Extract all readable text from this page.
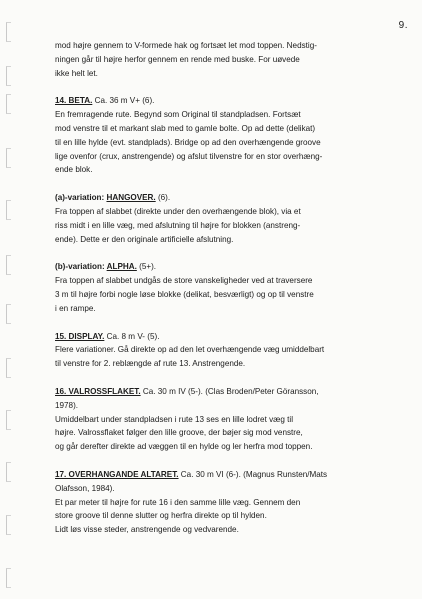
9.

mod højre gennem to V-formede hak og fortsæt let mod toppen. Nedstig-

ningen går til højre herfor gennem en rende med buske. For uøvede

ikke helt let.

14. BETA. Ca. 36 m V+ (6).

En fremragende rute. Begynd som Original til standpladsen. Fortsæt

mod venstre til et markant slab med to gamle bolte. Op ad dette (delikat)

til en lille hylde (evt. standplads). Bridge op ad den overhængende groove

lige ovenfor (crux, anstrengende) og afslut tilvenstre for en stor overhæng-

ende blok.

(a)-variation: HANGOVER. (6).

Fra toppen af slabbet (direkte under den overhængende blok), via et

riss midt i en lille væg, med afslutning til højre for blokken (anstreng-

ende). Dette er den originale artificielle afslutning.

(b)-variation: ALPHA. (5+).

Fra toppen af slabbet undgås de store vanskeligheder ved at traversere

3 m til højre forbi nogle løse blokke (delikat, besværligt) og op til venstre

i en rampe.

15. DISPLAY. Ca. 8 m V- (5).

Flere variationer. Gå direkte op ad den let overhængende væg umiddelbart

til venstre for 2. reblængde af rute 13. Anstrengende.

16. VALROSSFLAKET. Ca. 30 m IV (5-). (Clas Broden/Peter Göransson,

1978).

Umiddelbart under standpladsen i rute 13 ses en lille lodret væg til

højre. Valrossflaket følger den lille groove, der bøjer sig mod venstre,

og går derefter direkte ad væggen til en hylde og ler herfra mod toppen.

17. OVERHANGANDE ALTARET. Ca. 30 m VI (6-). (Magnus Runsten/Mats

Olafsson, 1984).

Et par meter til højre for rute 16 i den samme lille væg. Gennem den

store groove til denne slutter og herfra direkte op til hylden.

Lidt løs visse steder, anstrengende og vedvarende.
